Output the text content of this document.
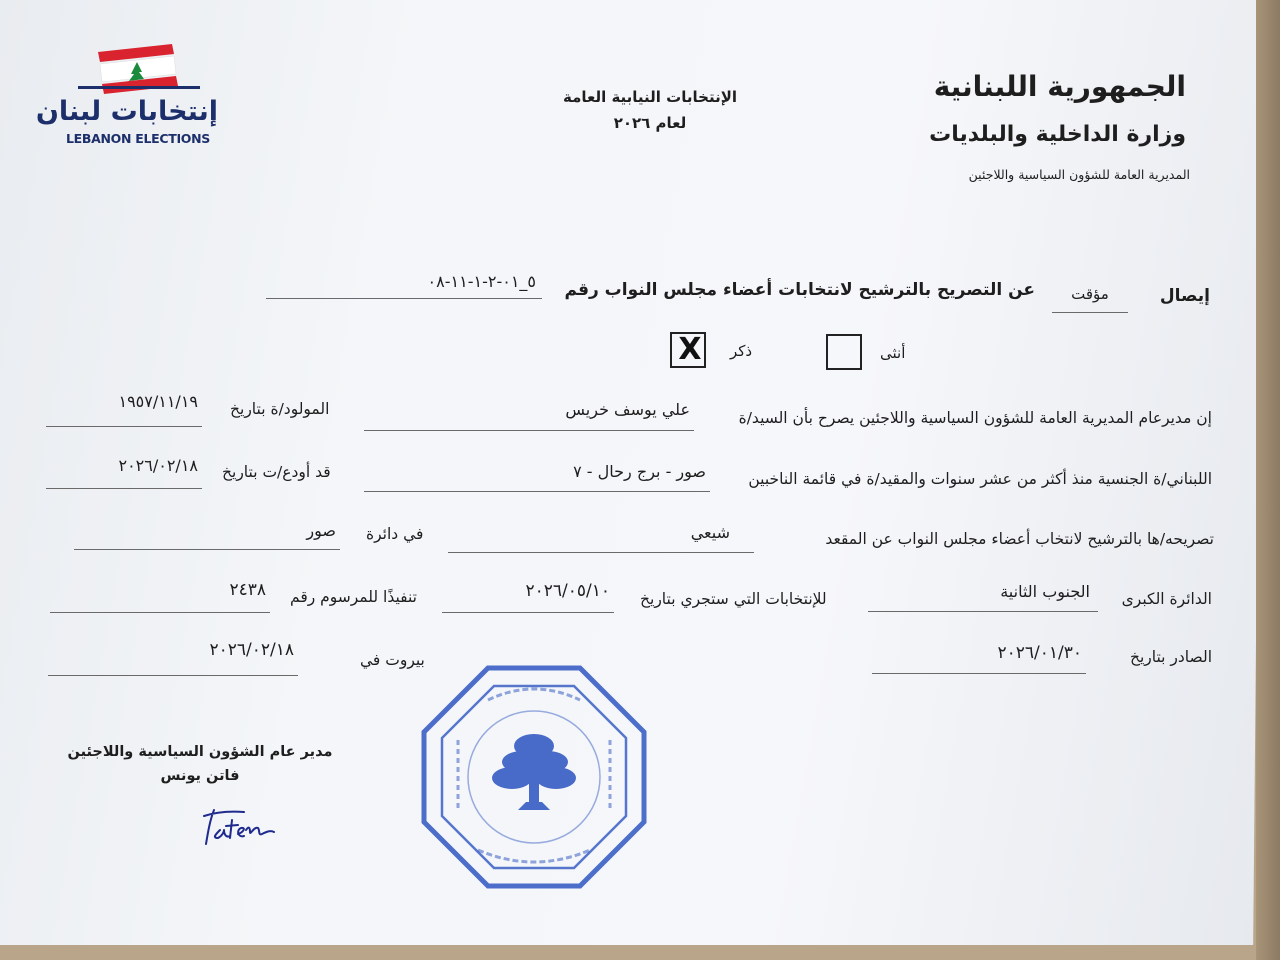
إنتخابات لبنان
LEBANON ELECTIONS
الجمهورية اللبنانية
وزارة الداخلية والبلديات
المديرية العامة للشؤون السياسية واللاجئين
الإنتخابات النيابية العامة
لعام ٢٠٢٦
إيصال
مؤقت
عن التصريح بالترشيح لانتخابات أعضاء مجلس النواب رقم
٥_٠١-٢-١-١١-٠٨
أنثى
ذكر
X
إن مديرعام المديرية العامة للشؤون السياسية واللاجئين يصرح بأن السيد/ة
علي يوسف خريس
المولود/ة بتاريخ
١٩٥٧/١١/١٩
اللبناني/ة الجنسية منذ أكثر من عشر سنوات والمقيد/ة في قائمة الناخبين
صور - برج رحال - ٧
قد أودع/ت بتاريخ
٢٠٢٦/٠٢/١٨
تصريحه/ها بالترشيح لانتخاب أعضاء مجلس النواب عن المقعد
شيعي
في دائرة
صور
الدائرة الكبرى
الجنوب الثانية
للإنتخابات التي ستجري بتاريخ
٢٠٢٦/٠٥/١٠
تنفيذًا للمرسوم رقم
٢٤٣٨
الصادر بتاريخ
٢٠٢٦/٠١/٣٠
بيروت في
٢٠٢٦/٠٢/١٨
مدير عام الشؤون السياسية واللاجئين
فاتن يونس
